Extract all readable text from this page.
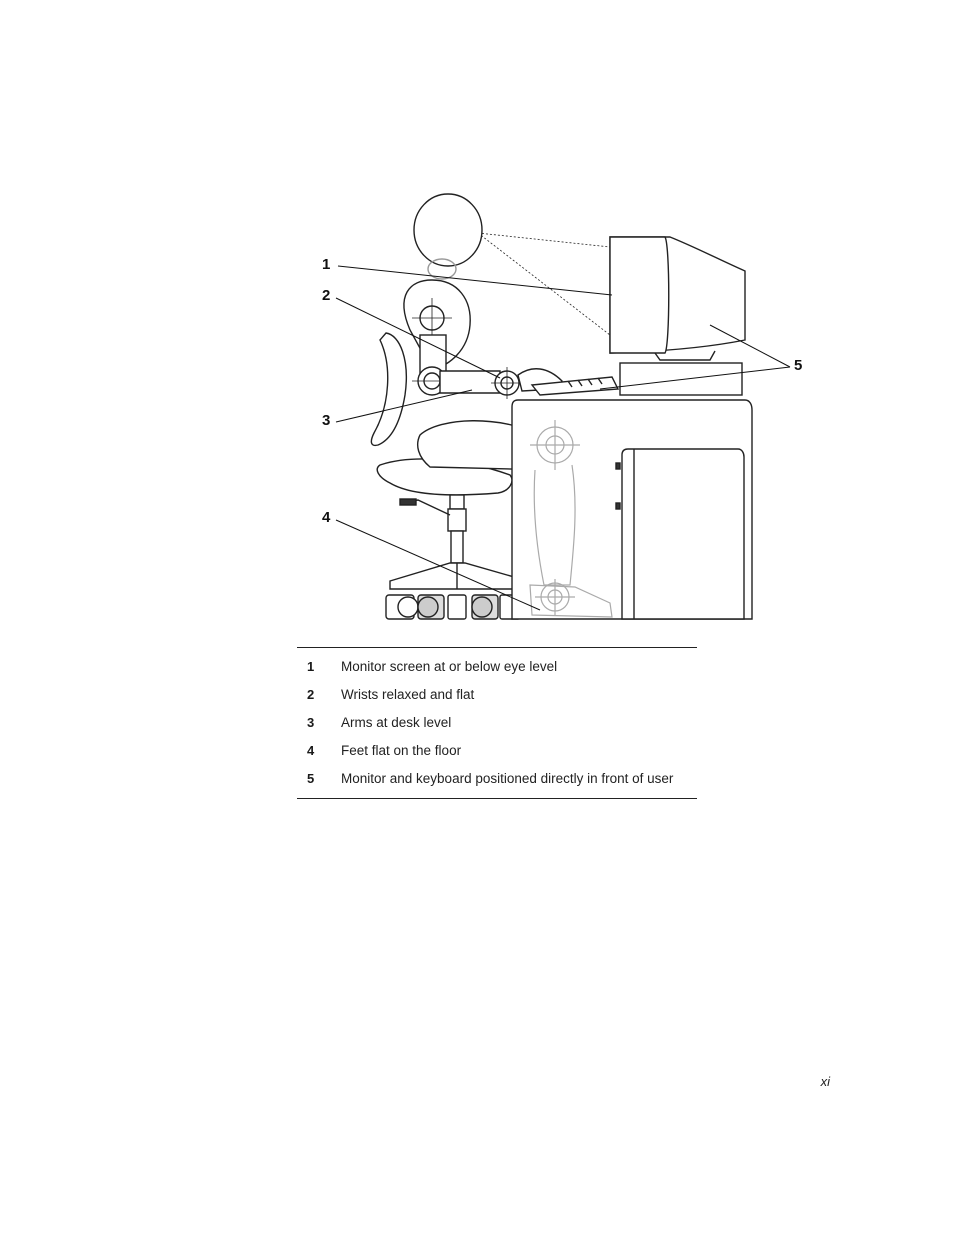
1
2
3
4
5
1	Monitor screen at or below eye level
2	Wrists relaxed and flat
3	Arms at desk level
4	Feet flat on the floor
5	Monitor and keyboard positioned directly in front of user
xi
